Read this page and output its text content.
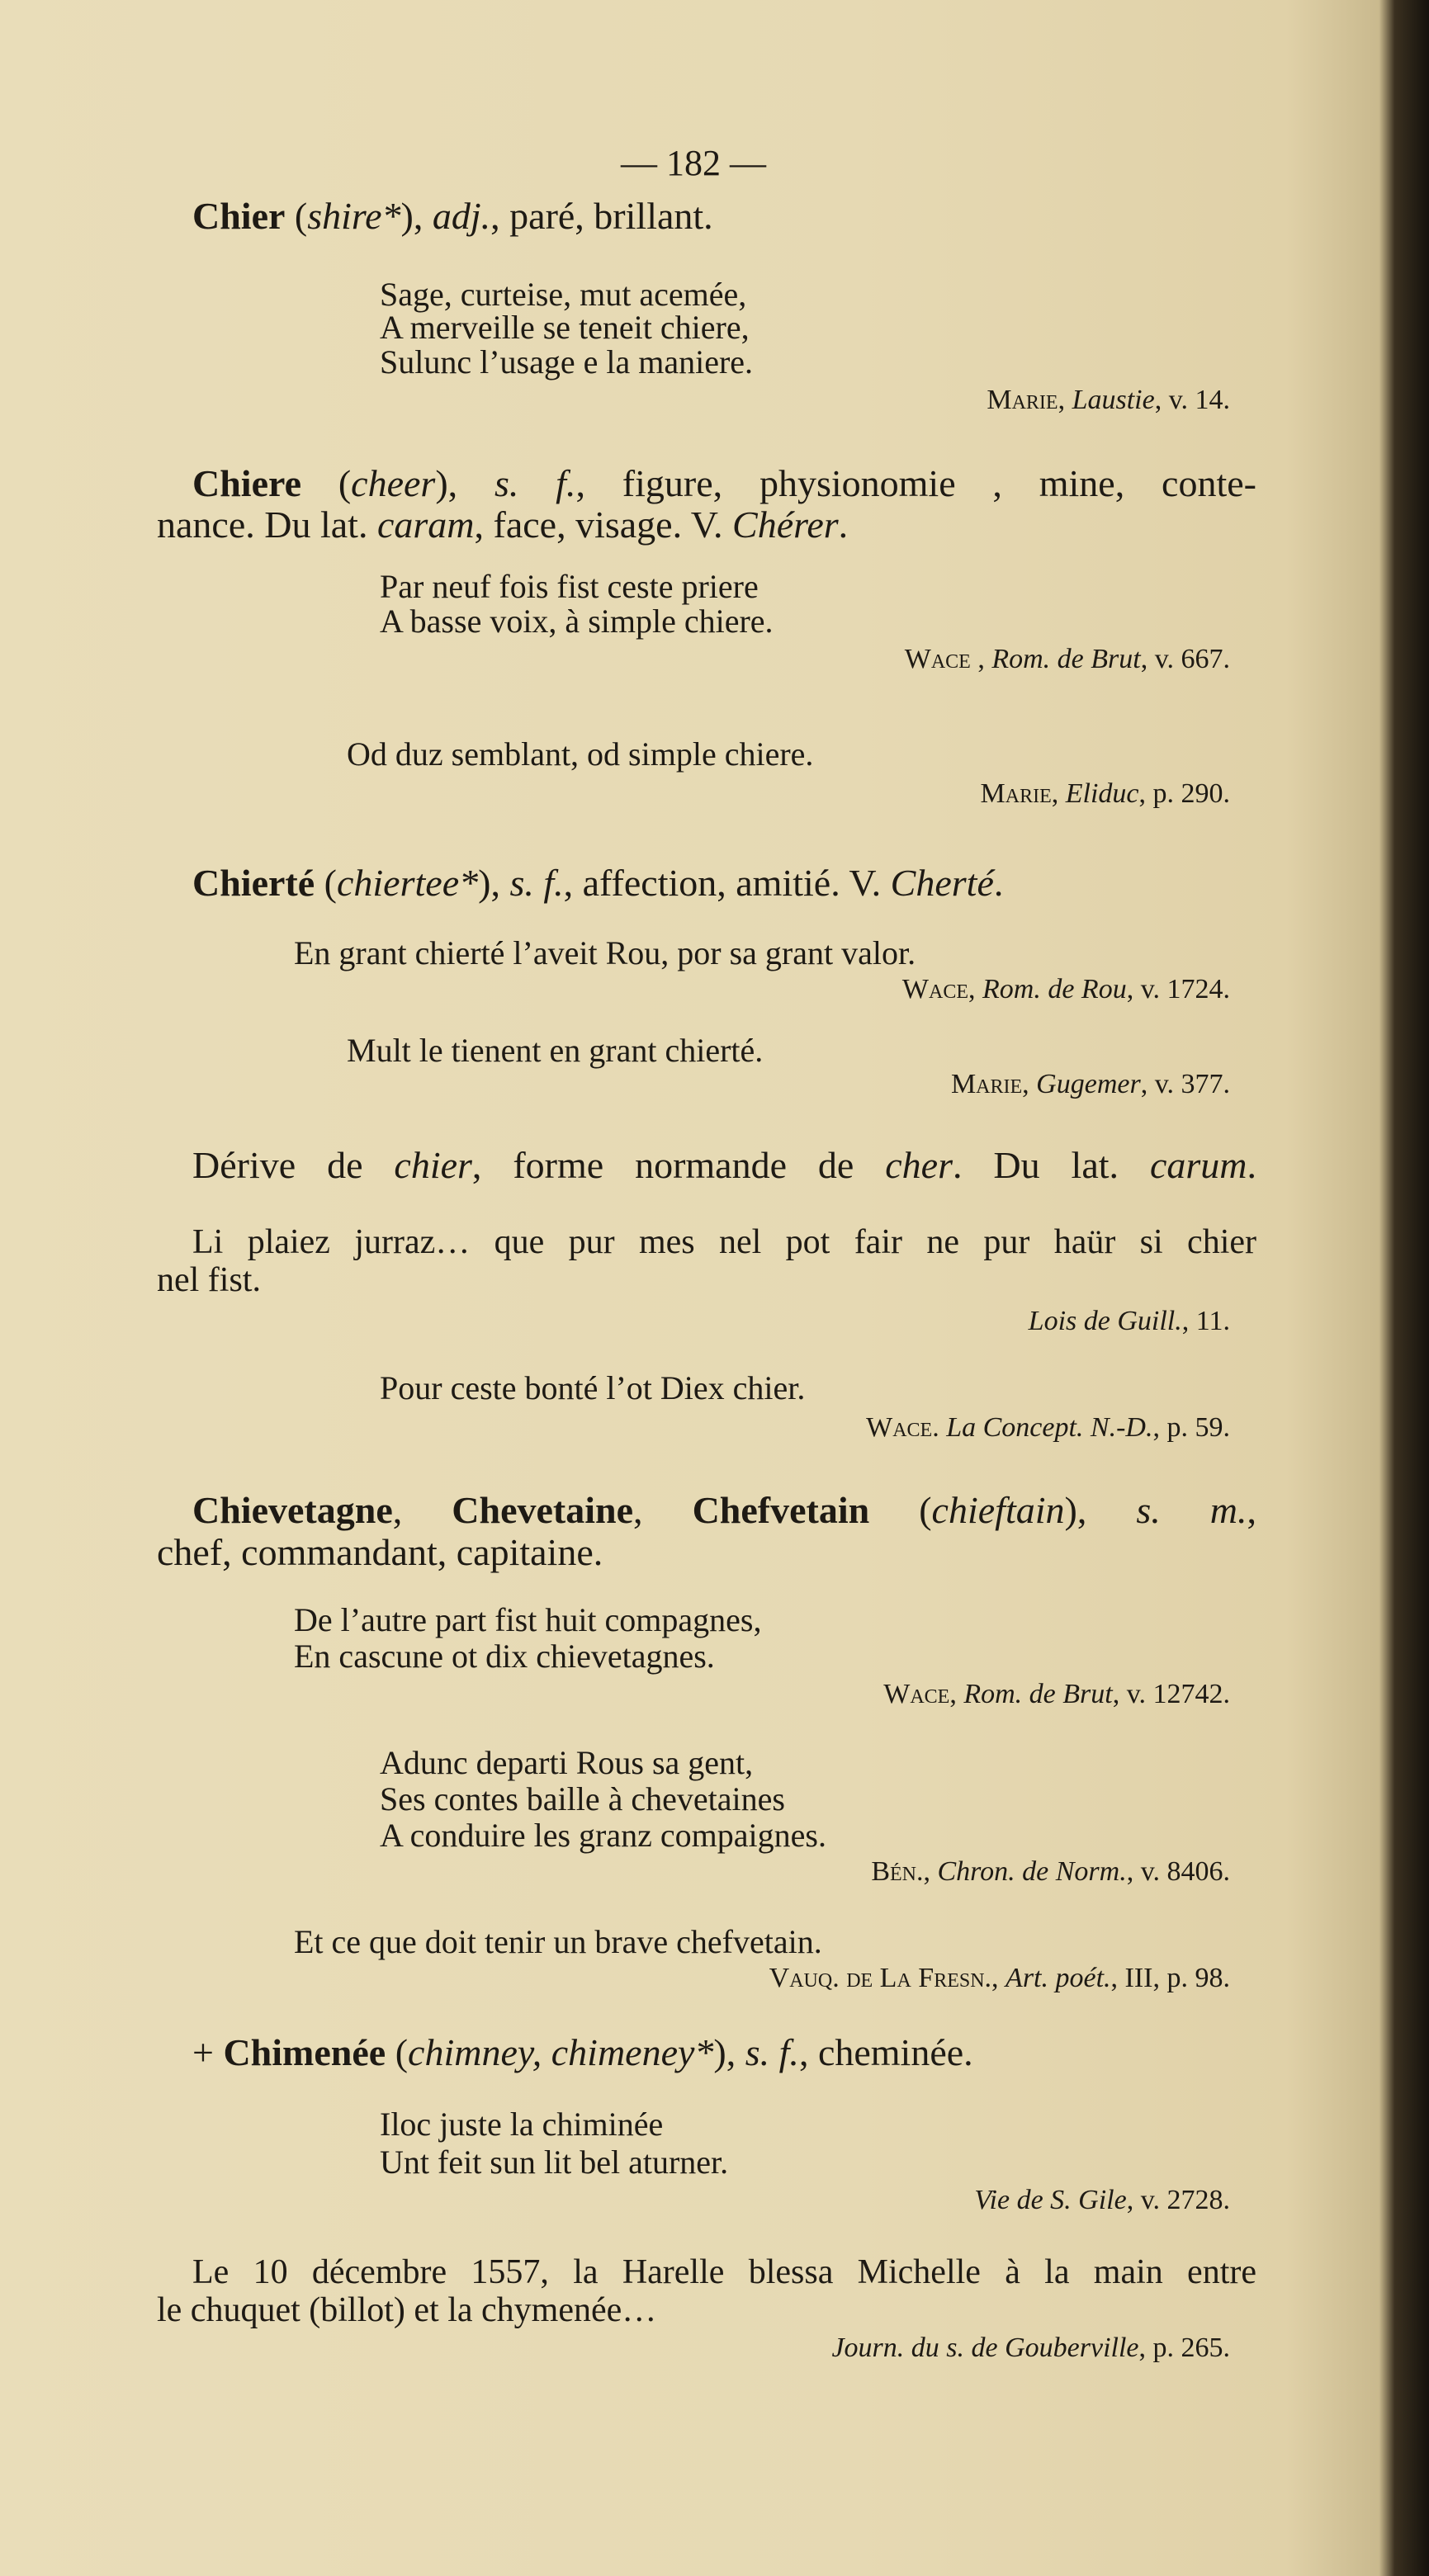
— 182 —
Chier (shire*), adj., paré, brillant.
Sage, curteise, mut acemée,
A merveille se teneit chiere,
Sulunc l’usage e la maniere.
Marie, Laustie, v. 14.
Chiere (cheer), s. f., figure, physionomie , mine, conte-
nance. Du lat. caram, face, visage. V. Chérer.
Par neuf fois fist ceste priere
A basse voix, à simple chiere.
Wace , Rom. de Brut, v. 667.
Od duz semblant, od simple chiere.
Marie, Eliduc, p. 290.
Chierté (chiertee*), s. f., affection, amitié. V. Cherté.
En grant chierté l’aveit Rou, por sa grant valor.
Wace, Rom. de Rou, v. 1724.
Mult le tienent en grant chierté.
Marie, Gugemer, v. 377.
Dérive de chier, forme normande de cher. Du lat. carum.
Li plaiez jurraz… que pur mes nel pot fair ne pur haür si chier
nel fist.
Lois de Guill., 11.
Pour ceste bonté l’ot Diex chier.
Wace. La Concept. N.-D., p. 59.
Chievetagne, Chevetaine, Chefvetain (chieftain), s. m.,
chef, commandant, capitaine.
De l’autre part fist huit compagnes,
En cascune ot dix chievetagnes.
Wace, Rom. de Brut, v. 12742.
Adunc departi Rous sa gent,
Ses contes baille à chevetaines
A conduire les granz compaignes.
Bén., Chron. de Norm., v. 8406.
Et ce que doit tenir un brave chefvetain.
Vauq. de La Fresn., Art. poét., III, p. 98.
+ Chimenée (chimney, chimeney*), s. f., cheminée.
Iloc juste la chiminée
Unt feit sun lit bel aturner.
Vie de S. Gile, v. 2728.
Le 10 décembre 1557, la Harelle blessa Michelle à la main entre
le chuquet (billot) et la chymenée…
Journ. du s. de Gouberville, p. 265.
